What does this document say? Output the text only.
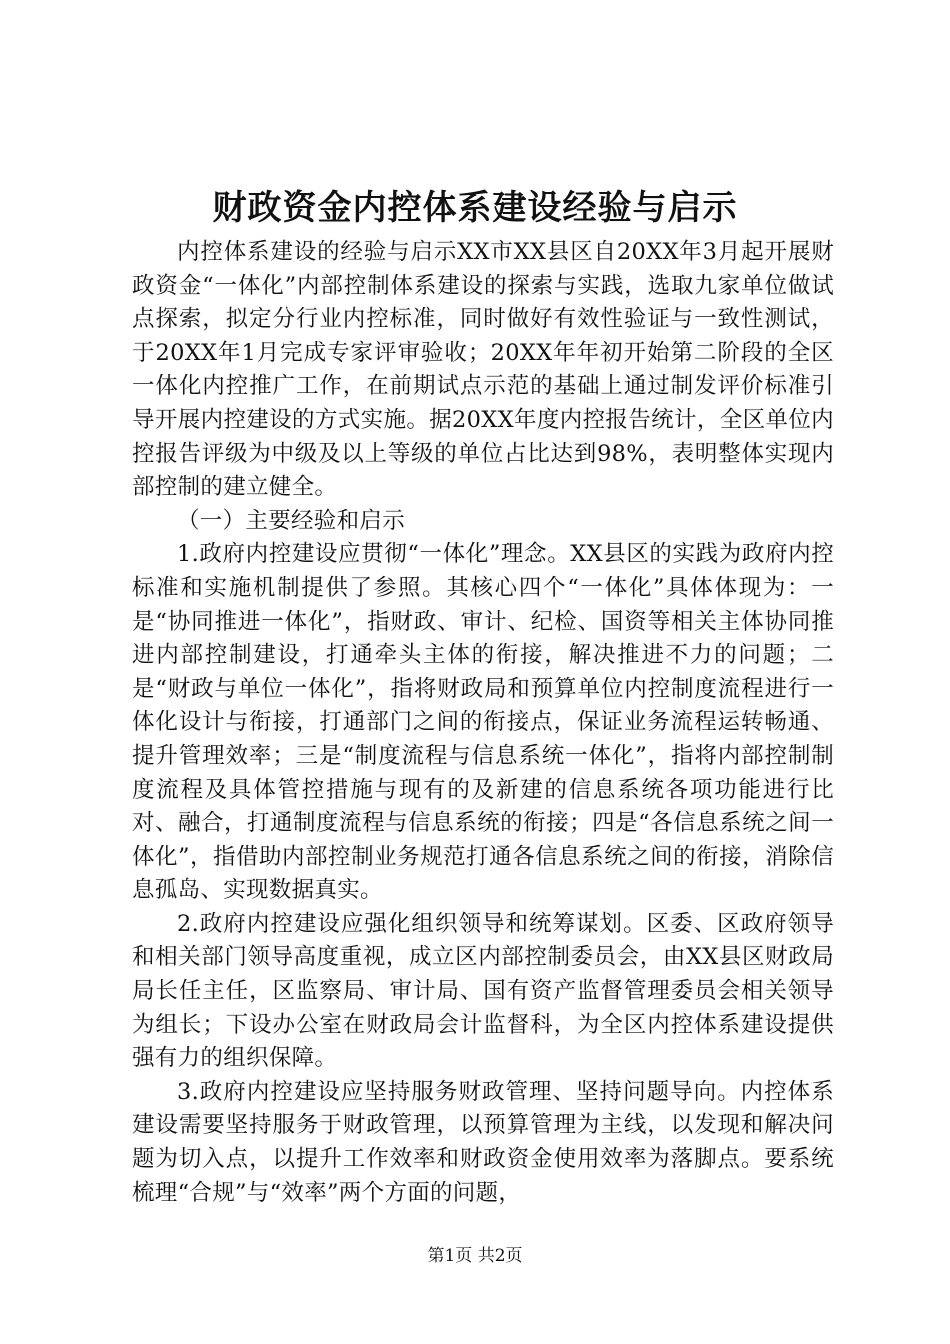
财政资金内控体系建设经验与启示

内控体系建设的经验与启示XX市XX县区自20XX年3月起开展财政资金“一体化”内部控制体系建设的探索与实践，选取九家单位做试点探索，拟定分行业内控标准，同时做好有效性验证与一致性测试，于20XX年1月完成专家评审验收；20XX年年初开始第二阶段的全区一体化内控推广工作，在前期试点示范的基础上通过制发评价标准引导开展内控建设的方式实施。据20XX年度内控报告统计，全区单位内控报告评级为中级及以上等级的单位占比达到98%，表明整体实现内部控制的建立健全。

（一）主要经验和启示

1.政府内控建设应贯彻“一体化”理念。XX县区的实践为政府内控标准和实施机制提供了参照。其核心四个“一体化”具体体现为：一是“协同推进一体化”，指财政、审计、纪检、国资等相关主体协同推进内部控制建设，打通牵头主体的衔接，解决推进不力的问题；二是“财政与单位一体化”，指将财政局和预算单位内控制度流程进行一体化设计与衔接，打通部门之间的衔接点，保证业务流程运转畅通、提升管理效率；三是“制度流程与信息系统一体化”，指将内部控制制度流程及具体管控措施与现有的及新建的信息系统各项功能进行比对、融合，打通制度流程与信息系统的衔接；四是“各信息系统之间一体化”，指借助内部控制业务规范打通各信息系统之间的衔接，消除信息孤岛、实现数据真实。

2.政府内控建设应强化组织领导和统筹谋划。区委、区政府领导和相关部门领导高度重视，成立区内部控制委员会，由XX县区财政局局长任主任，区监察局、审计局、国有资产监督管理委员会相关领导为组长；下设办公室在财政局会计监督科，为全区内控体系建设提供强有力的组织保障。

3.政府内控建设应坚持服务财政管理、坚持问题导向。内控体系建设需要坚持服务于财政管理，以预算管理为主线，以发现和解决问题为切入点，以提升工作效率和财政资金使用效率为落脚点。要系统梳理“合规”与“效率”两个方面的问题，

第1页 共2页
